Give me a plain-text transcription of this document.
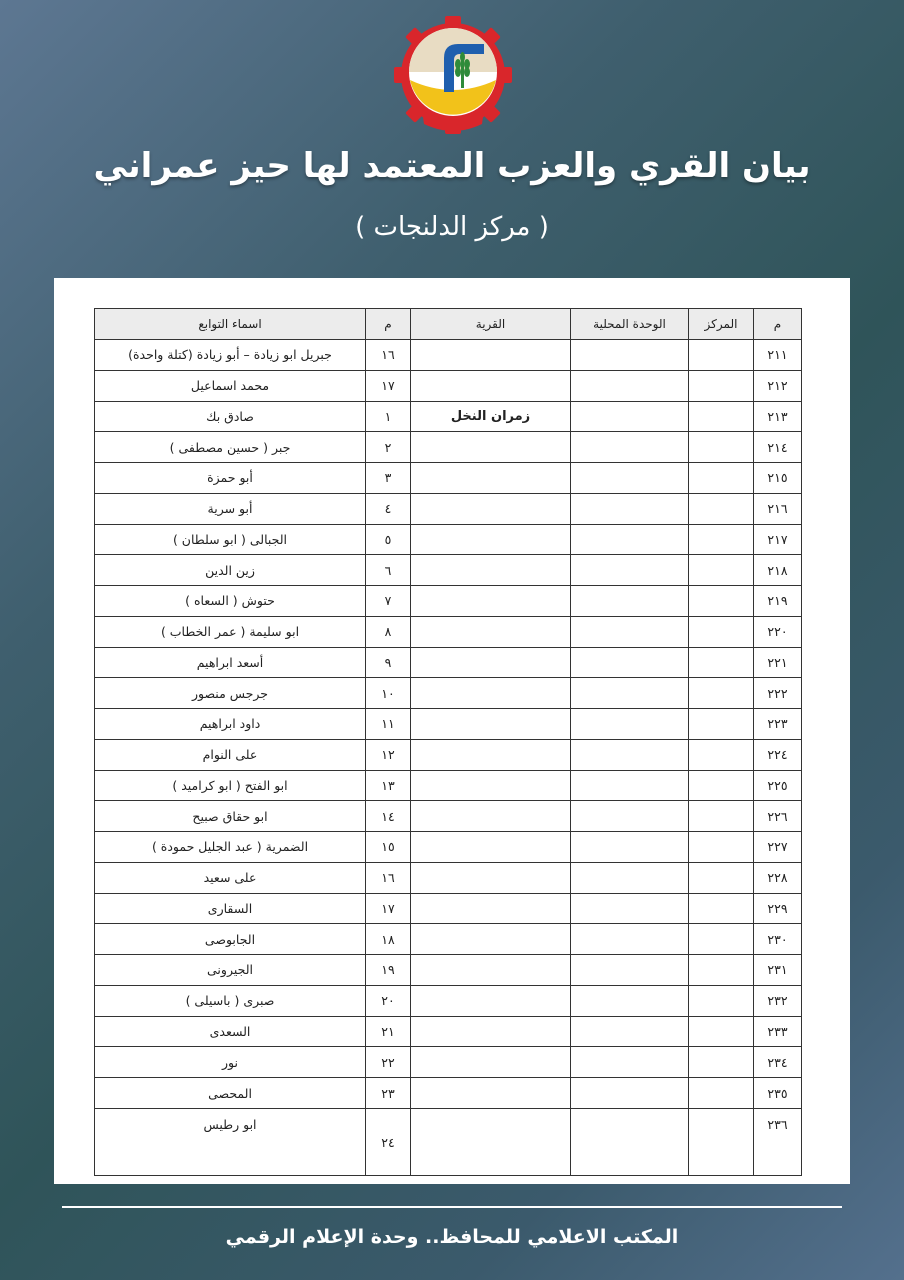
بيان القري والعزب المعتمد لها حيز عمراني
( مركز الدلنجات )
م	المركز	الوحدة المحلية	القرية	م	اسماء التوابع
٢١١				١٦	جبريل ابو زيادة – أبو زيادة (كتلة واحدة)
٢١٢				١٧	محمد اسماعيل
٢١٣			زمران النخل	١	صادق بك
٢١٤				٢	جبر ( حسين مصطفى )
٢١٥				٣	أبو حمزة
٢١٦				٤	أبو سرية
٢١٧				٥	الجبالى ( ابو سلطان )
٢١٨				٦	زين الدين
٢١٩				٧	حتوش ( السعاه )
٢٢٠				٨	ابو سليمة ( عمر الخطاب )
٢٢١				٩	أسعد ابراهيم
٢٢٢				١٠	جرجس منصور
٢٢٣				١١	داود ابراهيم
٢٢٤				١٢	على النوام
٢٢٥				١٣	ابو الفتح ( ابو كراميد )
٢٢٦				١٤	ابو حقاق صبيح
٢٢٧				١٥	الضمرية ( عبد الجليل حمودة )
٢٢٨				١٦	على سعيد
٢٢٩				١٧	السقارى
٢٣٠				١٨	الجابوصى
٢٣١				١٩	الجيرونى
٢٣٢				٢٠	صبرى ( باسيلى )
٢٣٣				٢١	السعدى
٢٣٤				٢٢	نور
٢٣٥				٢٣	المحصى
٢٣٦				٢٤	ابو رطيس
المكتب الاعلامي للمحافظ.. وحدة الإعلام الرقمي
